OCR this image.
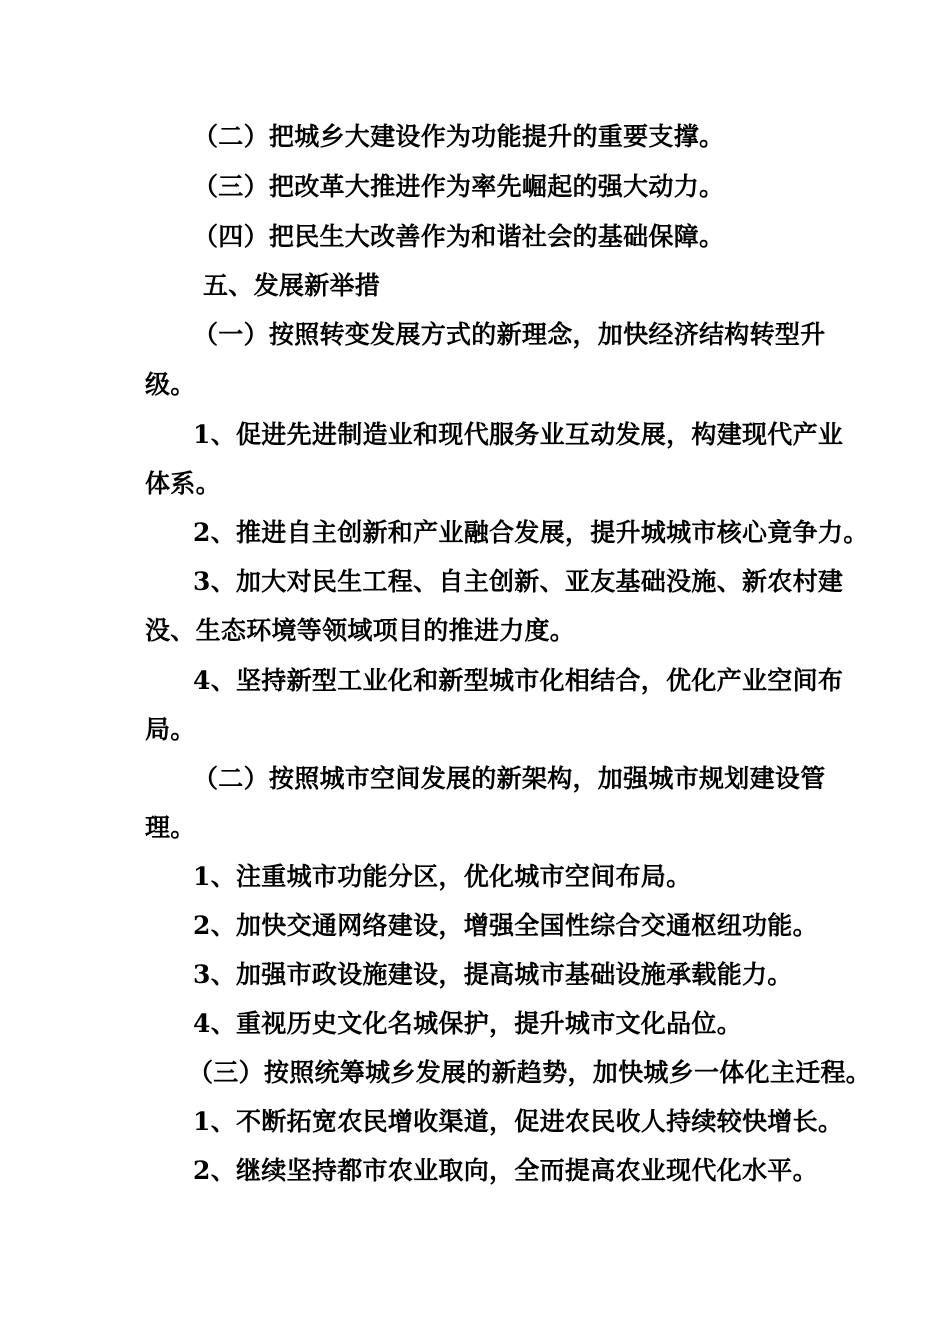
（二）把城乡大建设作为功能提升的重要支撑。
（三）把改革大推进作为率先崛起的强大动力。
（四）把民生大改善作为和谐社会的基础保障。
五、发展新举措
（一）按照转变发展方式的新理念，加快经济结构转型升
级。
1、促进先进制造业和现代服务业互动发展，构建现代产业
体系。
2、推进自主创新和产业融合发展，提升城城市核心竟争力。
3、加大对民生工程、自主创新、亚友基础没施、新农村建
没、生态环境等领域项目的推进力度。
4、坚持新型工业化和新型城市化相结合，优化产业空间布
局。
（二）按照城市空间发展的新架构，加强城市规划建设管
理。
1、注重城市功能分区，优化城市空间布局。
2、加快交通网络建设，增强全国性综合交通枢纽功能。
3、加强市政设施建设，提高城市基础设施承载能力。
4、重视历史文化名城保护，提升城市文化品位。
（三）按照统筹城乡发展的新趋势，加快城乡一体化主迁程。
1、不断拓宽农民增收渠道，促进农民收人持续较快增长。
2、继续坚持都市农业取向，全而提高农业现代化水平。
